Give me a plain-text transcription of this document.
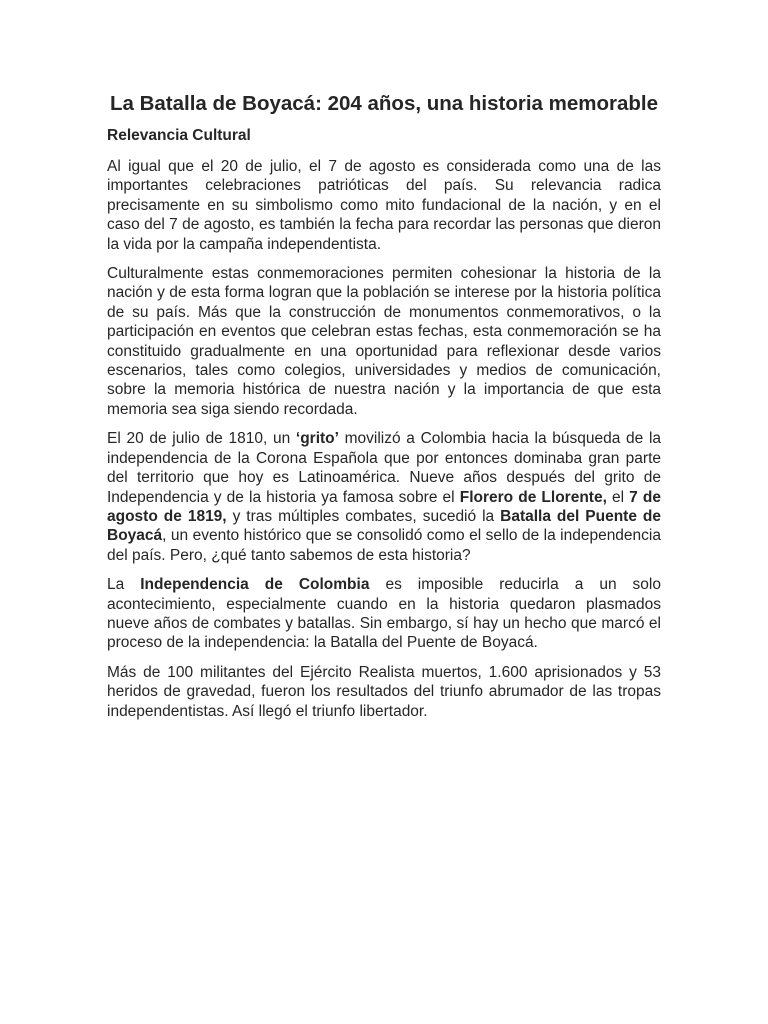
La Batalla de Boyacá: 204 años, una historia memorable
Relevancia Cultural

Al igual que el 20 de julio, el 7 de agosto es considerada como una de las importantes celebraciones patrióticas del país. Su relevancia radica precisamente en su simbolismo como mito fundacional de la nación, y en el caso del 7 de agosto, es también la fecha para recordar las personas que dieron la vida por la campaña independentista.

Culturalmente estas conmemoraciones permiten cohesionar la historia de la nación y de esta forma logran que la población se interese por la historia política de su país. Más que la construcción de monumentos conmemorativos, o la participación en eventos que celebran estas fechas, esta conmemoración se ha constituido gradualmente en una oportunidad para reflexionar desde varios escenarios, tales como colegios, universidades y medios de comunicación, sobre la memoria histórica de nuestra nación y la importancia de que esta memoria sea siga siendo recordada.

El 20 de julio de 1810, un ‘grito’ movilizó a Colombia hacia la búsqueda de la independencia de la Corona Española que por entonces dominaba gran parte del territorio que hoy es Latinoamérica. Nueve años después del grito de Independencia y de la historia ya famosa sobre el Florero de Llorente, el 7 de agosto de 1819, y tras múltiples combates, sucedió la Batalla del Puente de Boyacá, un evento histórico que se consolidó como el sello de la independencia del país. Pero, ¿qué tanto sabemos de esta historia?

La Independencia de Colombia es imposible reducirla a un solo acontecimiento, especialmente cuando en la historia quedaron plasmados nueve años de combates y batallas. Sin embargo, sí hay un hecho que marcó el proceso de la independencia: la Batalla del Puente de Boyacá.

Más de 100 militantes del Ejército Realista muertos, 1.600 aprisionados y 53 heridos de gravedad, fueron los resultados del triunfo abrumador de las tropas independentistas. Así llegó el triunfo libertador.
